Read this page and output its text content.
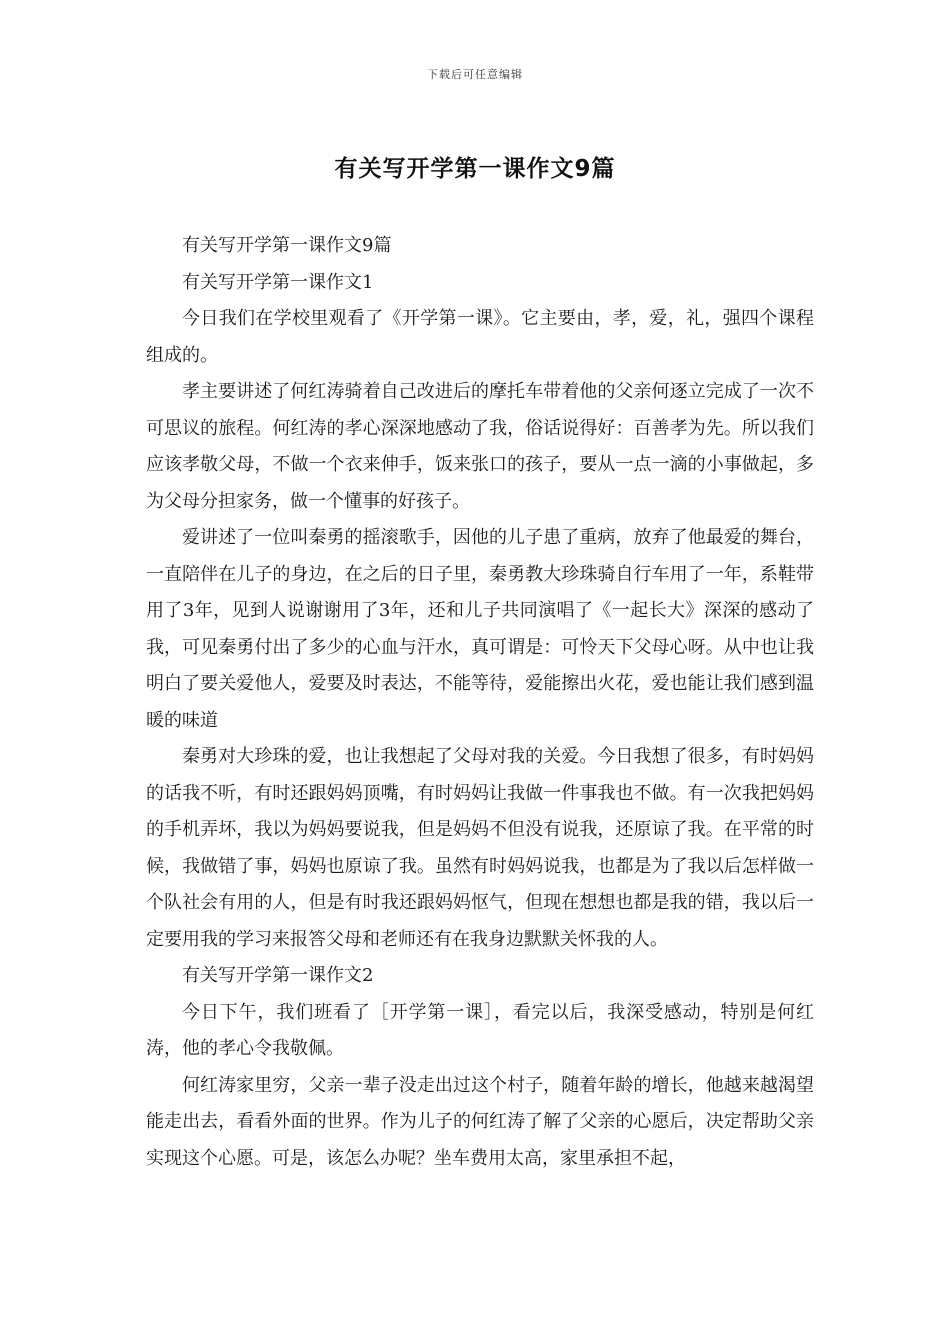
下载后可任意编辑
有关写开学第一课作文9篇

有关写开学第一课作文9篇

有关写开学第一课作文1

今日我们在学校里观看了《开学第一课》。它主要由，孝，爱，礼，强四个课程组成的。

孝主要讲述了何红涛骑着自己改进后的摩托车带着他的父亲何逐立完成了一次不可思议的旅程。何红涛的孝心深深地感动了我，俗话说得好：百善孝为先。所以我们应该孝敬父母，不做一个衣来伸手，饭来张口的孩子，要从一点一滴的小事做起，多为父母分担家务，做一个懂事的好孩子。

爱讲述了一位叫秦勇的摇滚歌手，因他的儿子患了重病，放弃了他最爱的舞台，一直陪伴在儿子的身边，在之后的日子里，秦勇教大珍珠骑自行车用了一年，系鞋带用了3年，见到人说谢谢用了3年，还和儿子共同演唱了《一起长大》深深的感动了我，可见秦勇付出了多少的心血与汗水，真可谓是：可怜天下父母心呀。从中也让我明白了要关爱他人，爱要及时表达，不能等待，爱能擦出火花，爱也能让我们感到温暖的味道

秦勇对大珍珠的爱，也让我想起了父母对我的关爱。今日我想了很多，有时妈妈的话我不听，有时还跟妈妈顶嘴，有时妈妈让我做一件事我也不做。有一次我把妈妈的手机弄坏，我以为妈妈要说我，但是妈妈不但没有说我，还原谅了我。在平常的时候，我做错了事，妈妈也原谅了我。虽然有时妈妈说我，也都是为了我以后怎样做一个队社会有用的人，但是有时我还跟妈妈怄气，但现在想想也都是我的错，我以后一定要用我的学习来报答父母和老师还有在我身边默默关怀我的人。

有关写开学第一课作文2

今日下午，我们班看了［开学第一课］，看完以后，我深受感动，特别是何红涛，他的孝心令我敬佩。

何红涛家里穷，父亲一辈子没走出过这个村子，随着年龄的增长，他越来越渴望能走出去，看看外面的世界。作为儿子的何红涛了解了父亲的心愿后，决定帮助父亲实现这个心愿。可是，该怎么办呢？坐车费用太高，家里承担不起，
